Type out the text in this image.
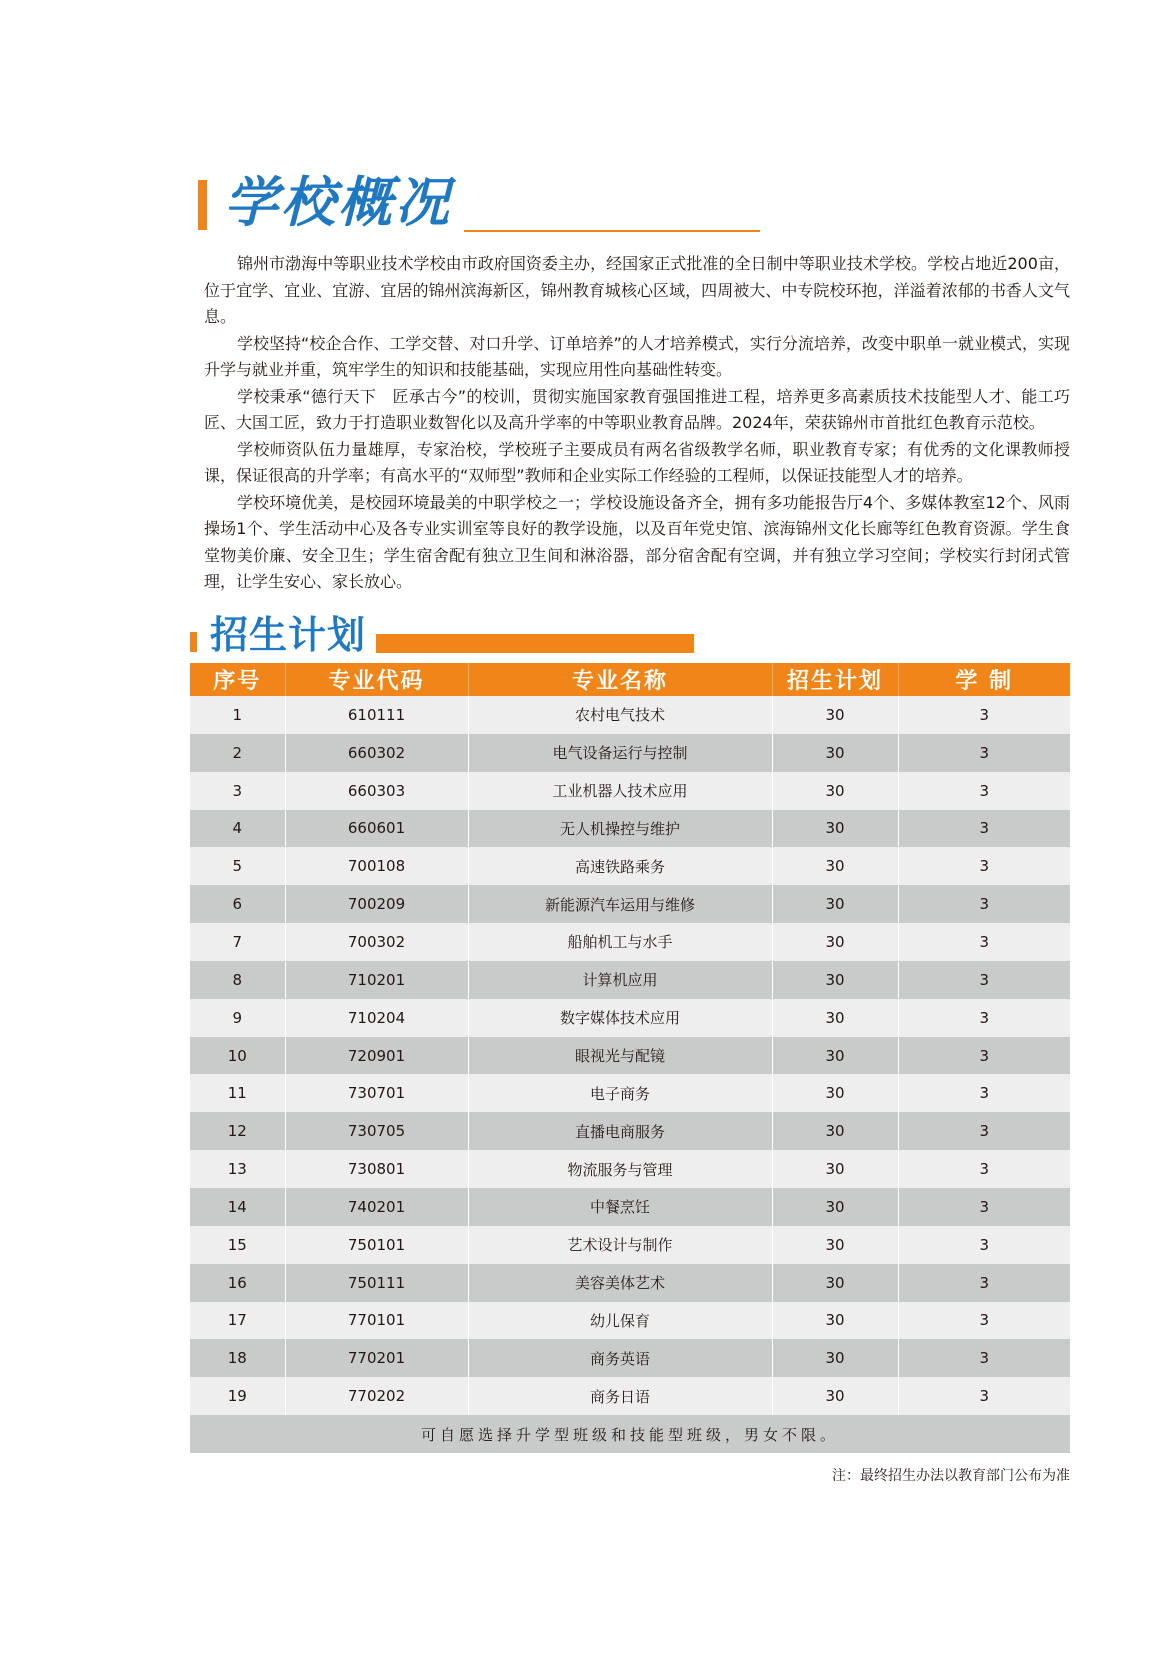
学校概况

锦州市渤海中等职业技术学校由市政府国资委主办，经国家正式批准的全日制中等职业技术学校。学校占地近200亩，位于宜学、宜业、宜游、宜居的锦州滨海新区，锦州教育城核心区域，四周被大、中专院校环抱，洋溢着浓郁的书香人文气息。

学校坚持“校企合作、工学交替、对口升学、订单培养”的人才培养模式，实行分流培养，改变中职单一就业模式，实现升学与就业并重，筑牢学生的知识和技能基础，实现应用性向基础性转变。

学校秉承“德行天下　匠承古今”的校训，贯彻实施国家教育强国推进工程，培养更多高素质技术技能型人才、能工巧匠、大国工匠，致力于打造职业数智化以及高升学率的中等职业教育品牌。2024年，荣获锦州市首批红色教育示范校。

学校师资队伍力量雄厚，专家治校，学校班子主要成员有两名省级教学名师，职业教育专家；有优秀的文化课教师授课，保证很高的升学率；有高水平的“双师型”教师和企业实际工作经验的工程师，以保证技能型人才的培养。

学校环境优美，是校园环境最美的中职学校之一；学校设施设备齐全，拥有多功能报告厅4个、多媒体教室12个、风雨操场1个、学生活动中心及各专业实训室等良好的教学设施，以及百年党史馆、滨海锦州文化长廊等红色教育资源。学生食堂物美价廉、安全卫生；学生宿舍配有独立卫生间和淋浴器，部分宿舍配有空调，并有独立学习空间；学校实行封闭式管理，让学生安心、家长放心。

招生计划
序号	专业代码	专业名称	招生计划	学 制
1	610111	农村电气技术	30	3
2	660302	电气设备运行与控制	30	3
3	660303	工业机器人技术应用	30	3
4	660601	无人机操控与维护	30	3
5	700108	高速铁路乘务	30	3
6	700209	新能源汽车运用与维修	30	3
7	700302	船舶机工与水手	30	3
8	710201	计算机应用	30	3
9	710204	数字媒体技术应用	30	3
10	720901	眼视光与配镜	30	3
11	730701	电子商务	30	3
12	730705	直播电商服务	30	3
13	730801	物流服务与管理	30	3
14	740201	中餐烹饪	30	3
15	750101	艺术设计与制作	30	3
16	750111	美容美体艺术	30	3
17	770101	幼儿保育	30	3
18	770201	商务英语	30	3
19	770202	商务日语	30	3
可自愿选择升学型班级和技能型班级，男女不限。				
注：最终招生办法以教育部门公布为准
